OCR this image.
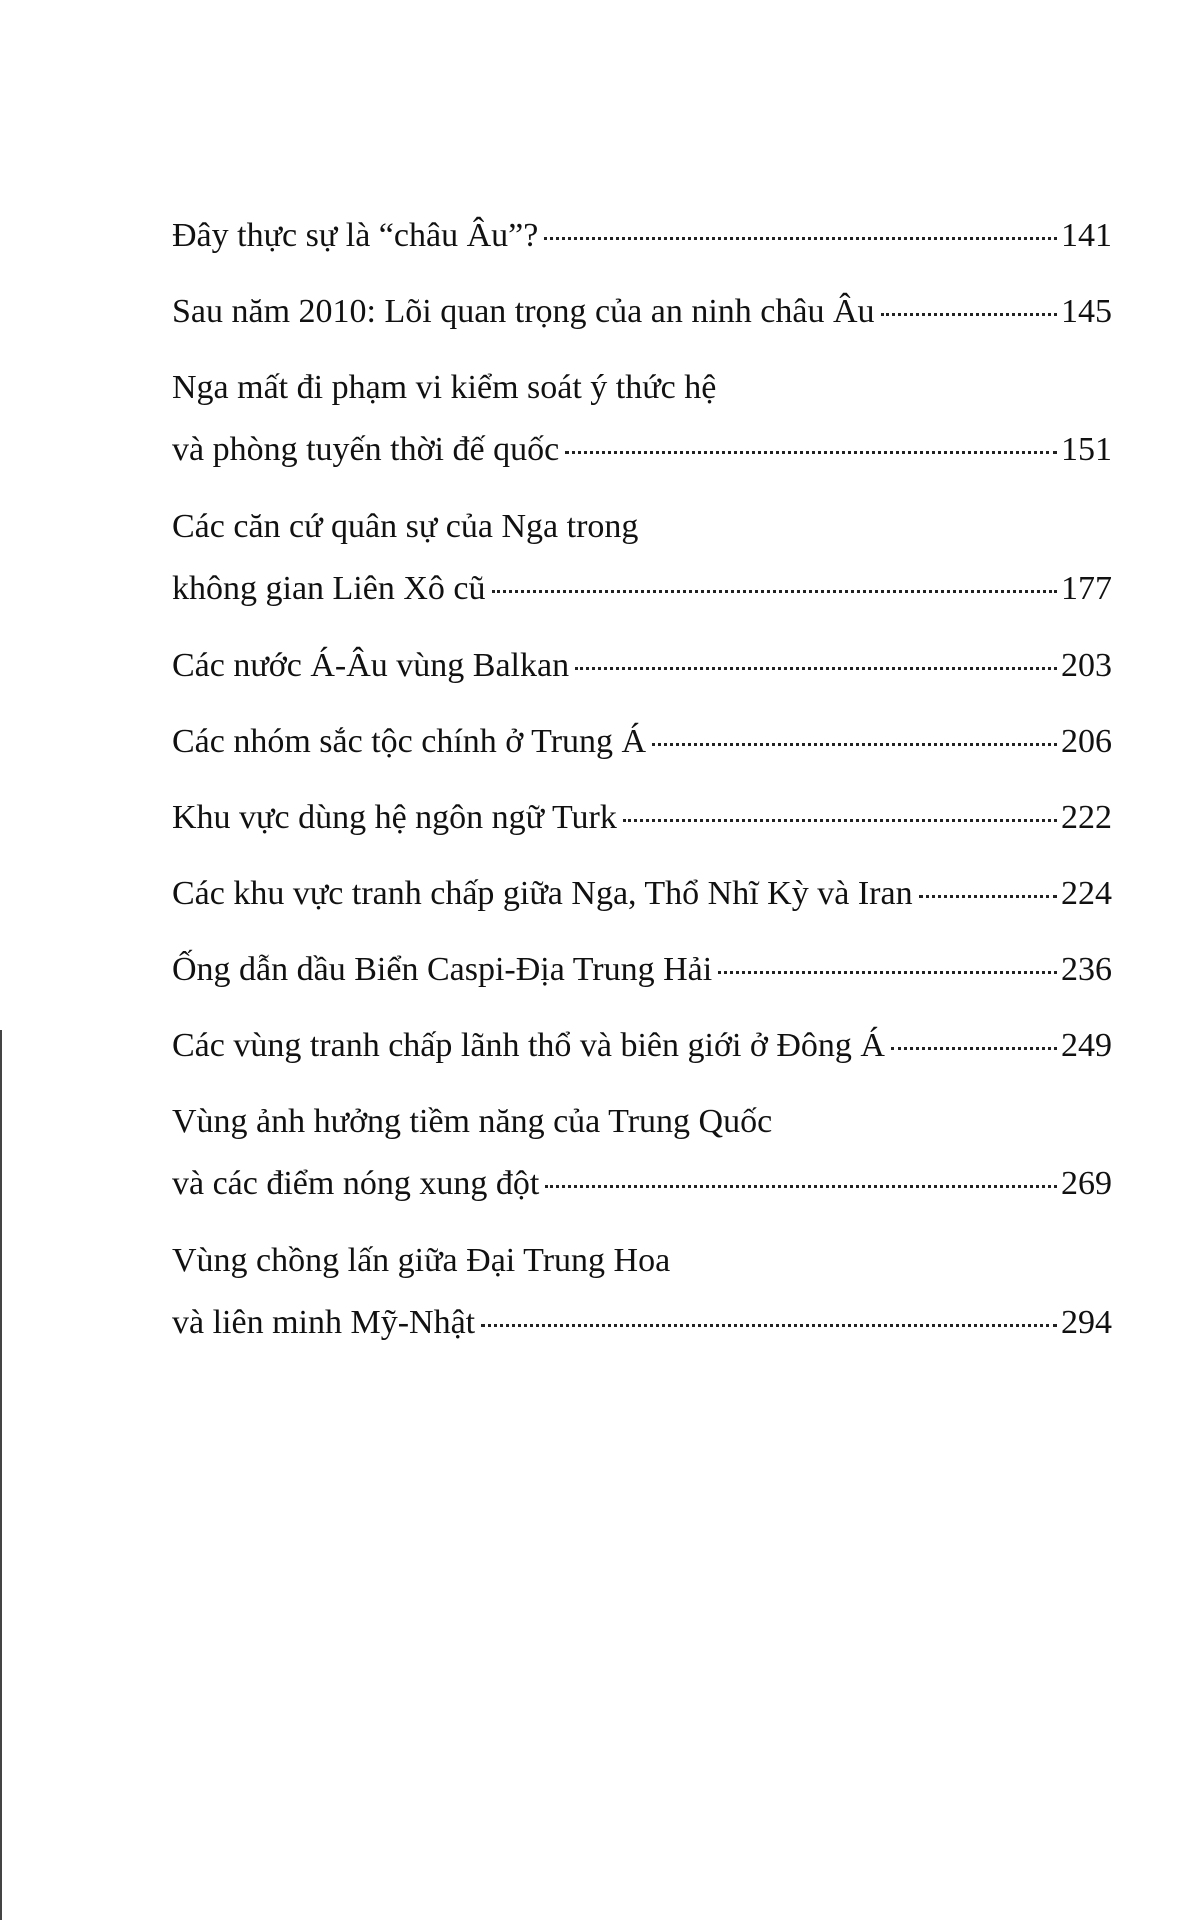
Đây thực sự là “châu Âu”?	141
Sau năm 2010: Lõi quan trọng của an ninh châu Âu	145
Nga mất đi phạm vi kiểm soát ý thức hệ
và phòng tuyến thời đế quốc	151
Các căn cứ quân sự của Nga trong
không gian Liên Xô cũ	177
Các nước Á-Âu vùng Balkan	203
Các nhóm sắc tộc chính ở Trung Á	206
Khu vực dùng hệ ngôn ngữ Turk	222
Các khu vực tranh chấp giữa Nga, Thổ Nhĩ Kỳ và Iran	224
Ống dẫn dầu Biển Caspi-Địa Trung Hải	236
Các vùng tranh chấp lãnh thổ và biên giới ở Đông Á	249
Vùng ảnh hưởng tiềm năng của Trung Quốc
và các điểm nóng xung đột	269
Vùng chồng lấn giữa Đại Trung Hoa
và liên minh Mỹ-Nhật	294
